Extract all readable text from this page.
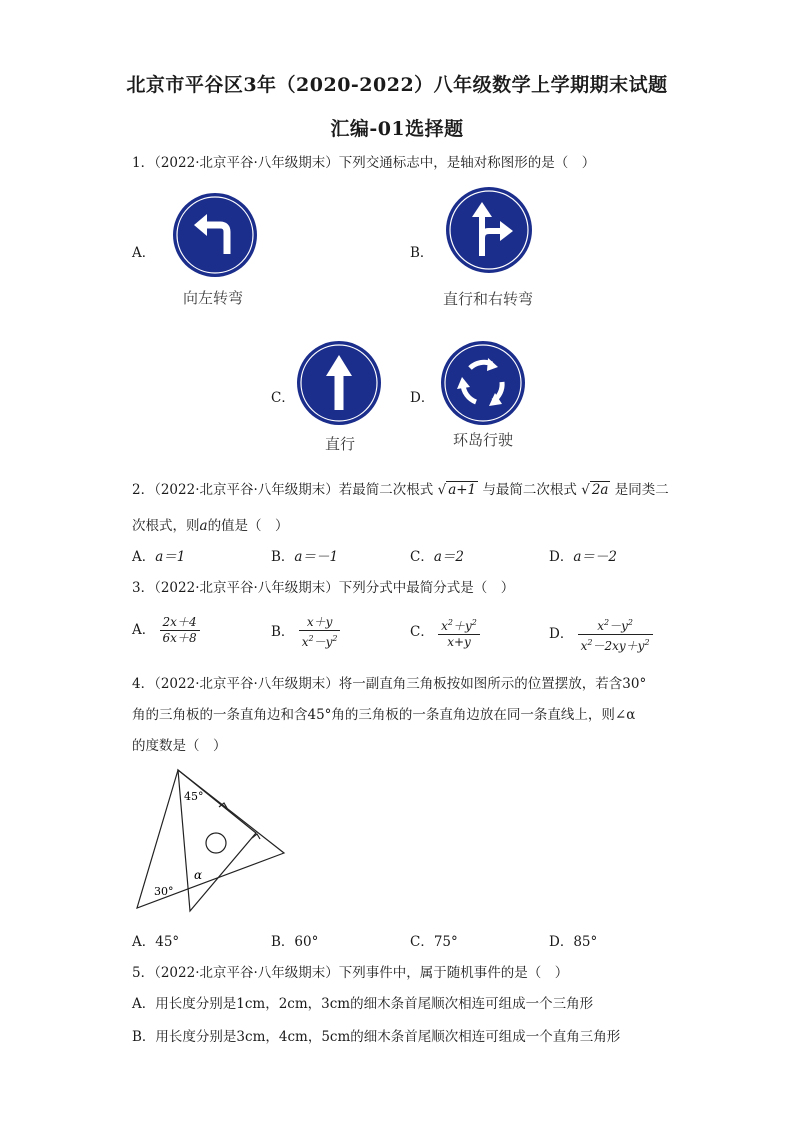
北京市平谷区3年（2020-2022）八年级数学上学期期末试题
汇编-01选择题
1．（2022·北京平谷·八年级期末）下列交通标志中，是轴对称图形的是（　）
A．
向左转弯
B．
直行和右转弯
C．
直行
D．
环岛行驶
2．（2022·北京平谷·八年级期末）若最简二次根式 √ a+1 与最简二次根式 √ 2a 是同类二
次根式，则a的值是（　）
A．a＝1	B．a＝－1	C．a＝2	D．a＝－2
3．（2022·北京平谷·八年级期末）下列分式中最简分式是（　）
A． $\frac{2x+4}{6x+8}$	B． $\frac{x+y}{x^2-y^2}$	C． $\frac{x^2+y^2}{x+y}$	D． $\frac{x^2-y^2}{x^2-2xy+y^2}$
4．（2022·北京平谷·八年级期末）将一副直角三角板按如图所示的位置摆放，若含30°
角的三角板的一条直角边和含45°角的三角板的一条直角边放在同一条直线上，则∠α
的度数是（　）
45°
30°
α
A．45°	B．60°	C．75°	D．85°
5．（2022·北京平谷·八年级期末）下列事件中，属于随机事件的是（　）
A．用长度分别是1cm，2cm，3cm的细木条首尾顺次相连可组成一个三角形
B．用长度分别是3cm，4cm，5cm的细木条首尾顺次相连可组成一个直角三角形
